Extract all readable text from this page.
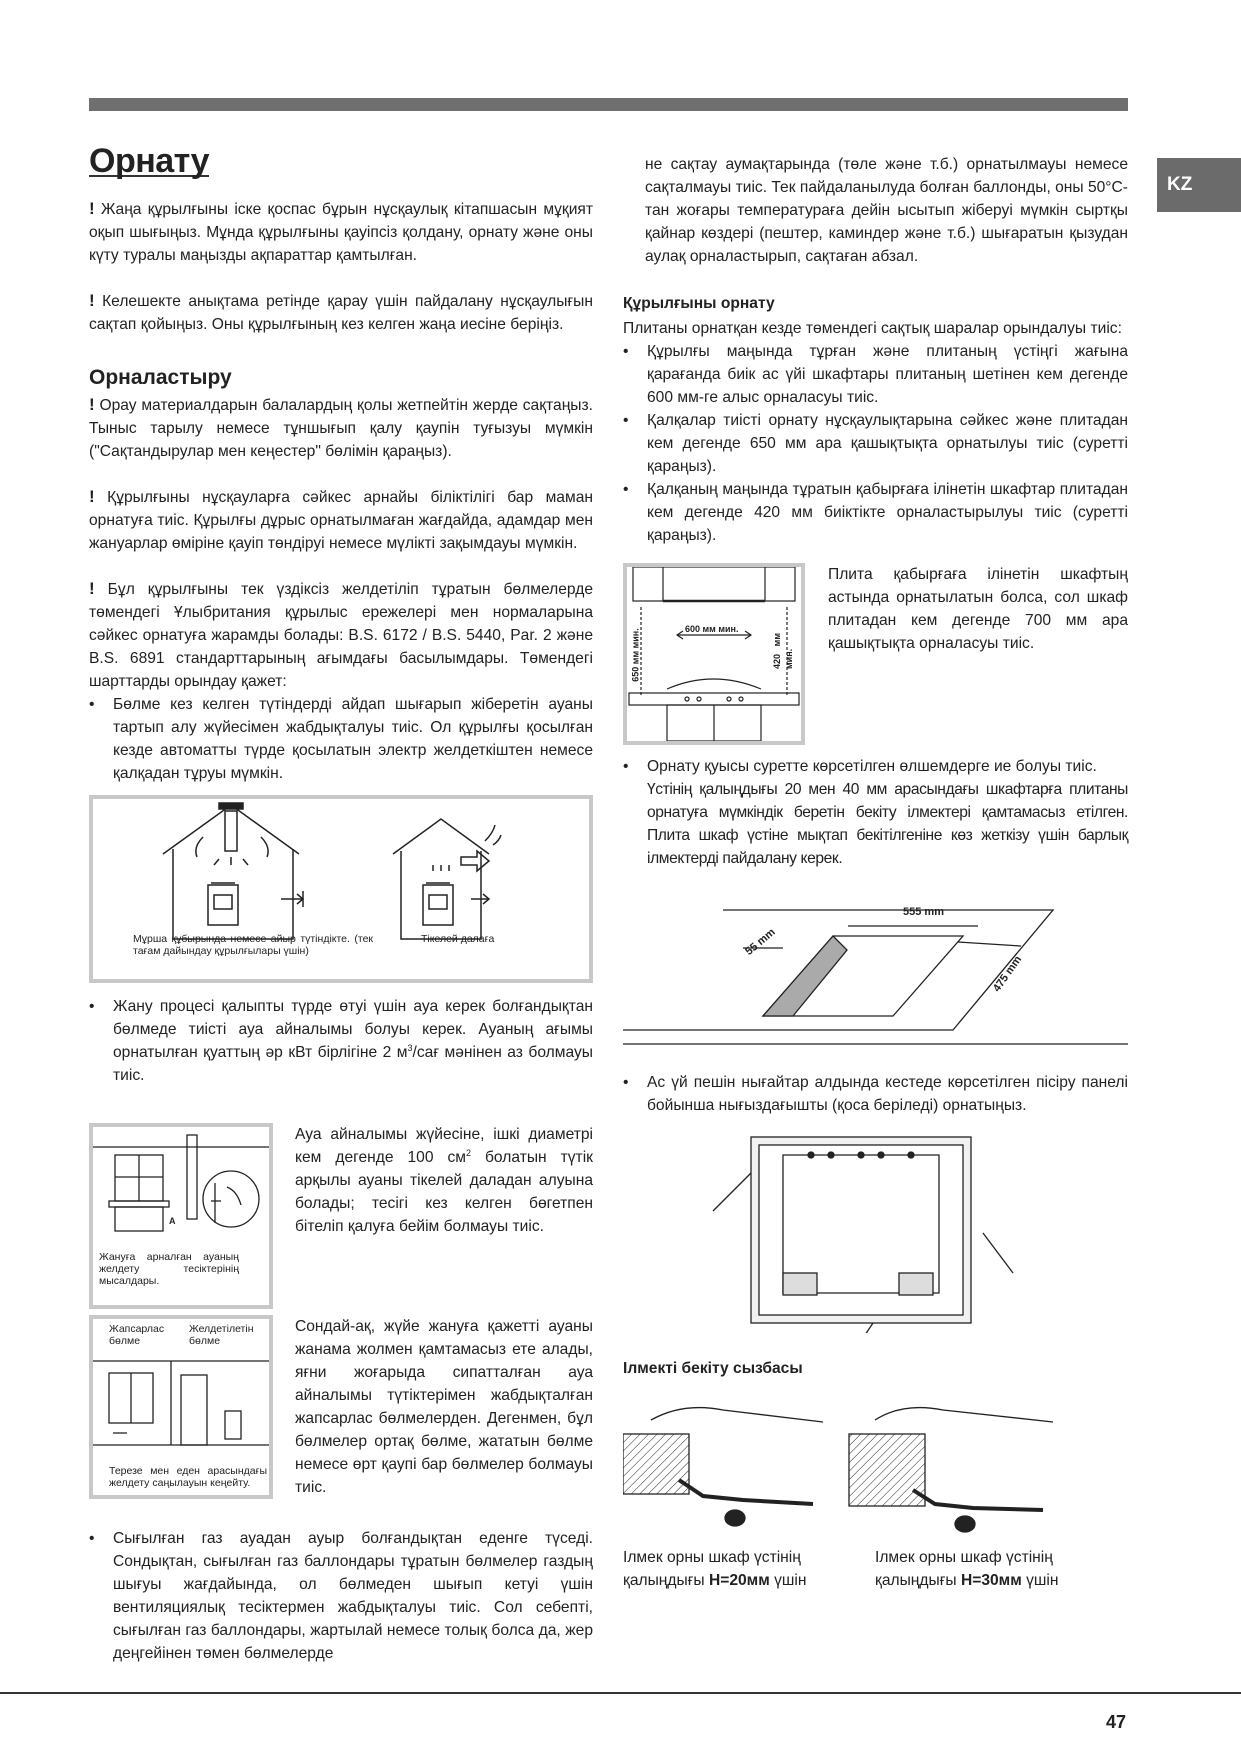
KZ
Орнату

! Жаңа құрылғыны іске қоспас бұрын нұсқаулық кітапшасын мұқият оқып шығыңыз. Мұнда құрылғыны қауіпсіз қолдану, орнату және оны күту туралы маңызды ақпараттар қамтылған.

! Келешекте анықтама ретінде қарау үшін пайдалану нұсқаулығын сақтап қойыңыз. Оны құрылғының кез келген жаңа иесіне беріңіз.

Орналастыру

! Орау материалдарын балалардың қолы жетпейтін жерде сақтаңыз. Тыныс тарылу немесе тұншығып қалу қаупін туғызуы мүмкін ("Сақтандырулар мен кеңестер" бөлімін қараңыз).

! Құрылғыны нұсқауларға сәйкес арнайы біліктілігі бар маман орнатуға тиіс. Құрылғы дұрыс орнатылмаған жағдайда, адамдар мен жануарлар өміріне қауіп төндіруі немесе мүлікті зақымдауы мүмкін.

! Бұл құрылғыны тек үздіксіз желдетіліп тұратын бөлмелерде төмендегі Ұлыбритания құрылыс ережелері мен нормаларына сәйкес орнатуға жарамды болады: B.S. 6172 / B.S. 5440, Par. 2 және B.S. 6891 стандарттарының ағымдағы басылымдары. Төмендегі шарттарды орындау қажет:

• Бөлме кез келген түтіндерді айдап шығарып жіберетін ауаны тартып алу жүйесімен жабдықталуы тиіс. Ол құрылғы қосылған кезде автоматты түрде қосылатын электр желдеткіштен немесе қалқадан тұруы мүмкін.
Мұрша құбырында немесе айыр түтіндікте. (тек тағам дайындау құрылғылары үшін)
Тікелей далаға
• Жану процесі қалыпты түрде өтуі үшін ауа керек болғандықтан бөлмеде тиісті ауа айналымы болуы керек. Ауаның ағымы орнатылған қуаттың әр кВт бірлігіне 2 $м^3$/сағ мәнінен аз болмауы тиіс.
A
Жануға арналған ауаның желдету тесіктерінің мысалдары.

Ауа айналымы жүйесіне, ішкі диаметрі кем дегенде 100 $см^2$ болатын түтік арқылы ауаны тікелей даладан алуына болады; тесігі кез келген бөгетпен бітеліп қалуға бейім болмауы тиіс.

Жапсарлас бөлме
Желдетілетін бөлме
Терезе мен еден арасындағы желдету саңылауын кеңейту.

Сондай-ақ, жүйе жануға қажетті ауаны жанама жолмен қамтамасыз ете алады, яғни жоғарыда сипатталған ауа айналымы түтіктерімен жабдықталған жапсарлас бөлмелерден. Дегенмен, бұл бөлмелер ортақ бөлме, жататын бөлме немесе өрт қаупі бар бөлмелер болмауы тиіс.

• Сығылған газ ауадан ауыр болғандықтан еденге түседі. Сондықтан, сығылған газ баллондары тұратын бөлмелер газдың шығуы жағдайында, ол бөлмеден шығып кетуі үшін вентиляциялық тесіктермен жабдықталуы тиіс. Сол себепті, сығылған газ баллондары, жартылай немесе толық болса да, жер деңгейінен төмен бөлмелерде

не сақтау аумақтарында (төле және т.б.) орнатылмауы немесе сақталмауы тиіс. Тек пайдаланылуда болған баллонды, оны 50°C-тан жоғары температураға дейін ысытып жіберуі мүмкін сыртқы қайнар көздері (пештер, каминдер және т.б.) шығаратын қызудан аулақ орналастырып, сақтаған абзал.

Құрылғыны орнату

Плитаны орнатқан кезде төмендегі сақтық шаралар орындалуы тиіс:

• Құрылғы маңында тұрған және плитаның үстіңгі жағына қарағанда биік ас үйі шкафтары плитаның шетінен кем дегенде 600 мм-ге алыс орналасуы тиіс.
• Қалқалар тиісті орнату нұсқаулықтарына сәйкес және плитадан кем дегенде 650 мм ара қашықтықта орнатылуы тиіс (суретті қараңыз).
• Қалқаның маңында тұратын қабырғаға ілінетін шкафтар плитадан кем дегенде 420 мм биіктікте орналастырылуы тиіс (суретті қараңыз).
600 мм мин.
650 мм мин.	420 мм мин.

Плита қабырғаға ілінетін шкафтың астында орнатылатын болса, сол шкаф плитадан кем дегенде 700 мм ара қашықтықта орналасуы тиіс.

• Орнату қуысы суретте көрсетілген өлшемдерге ие болуы тиіс.
Үстінің қалыңдығы 20 мен 40 мм арасындағы шкафтарға плитаны орнатуға мүмкіндік беретін бекіту ілмектері қамтамасыз етілген. Плита шкаф үстіне мықтап бекітілгеніне көз жеткізу үшін барлық ілмектерді пайдалану керек.
555 mm
55 mm
475 mm
• Ас үй пешін нығайтар алдында кестеде көрсетілген пісіру панелі бойынша нығыздағышты (қоса беріледі) орнатыңыз.
Ілмекті бекіту сызбасы

Ілмек орны шкаф үстінің қалыңдығы H=20мм үшін

Ілмек орны шкаф үстінің қалыңдығы H=30мм үшін

47
